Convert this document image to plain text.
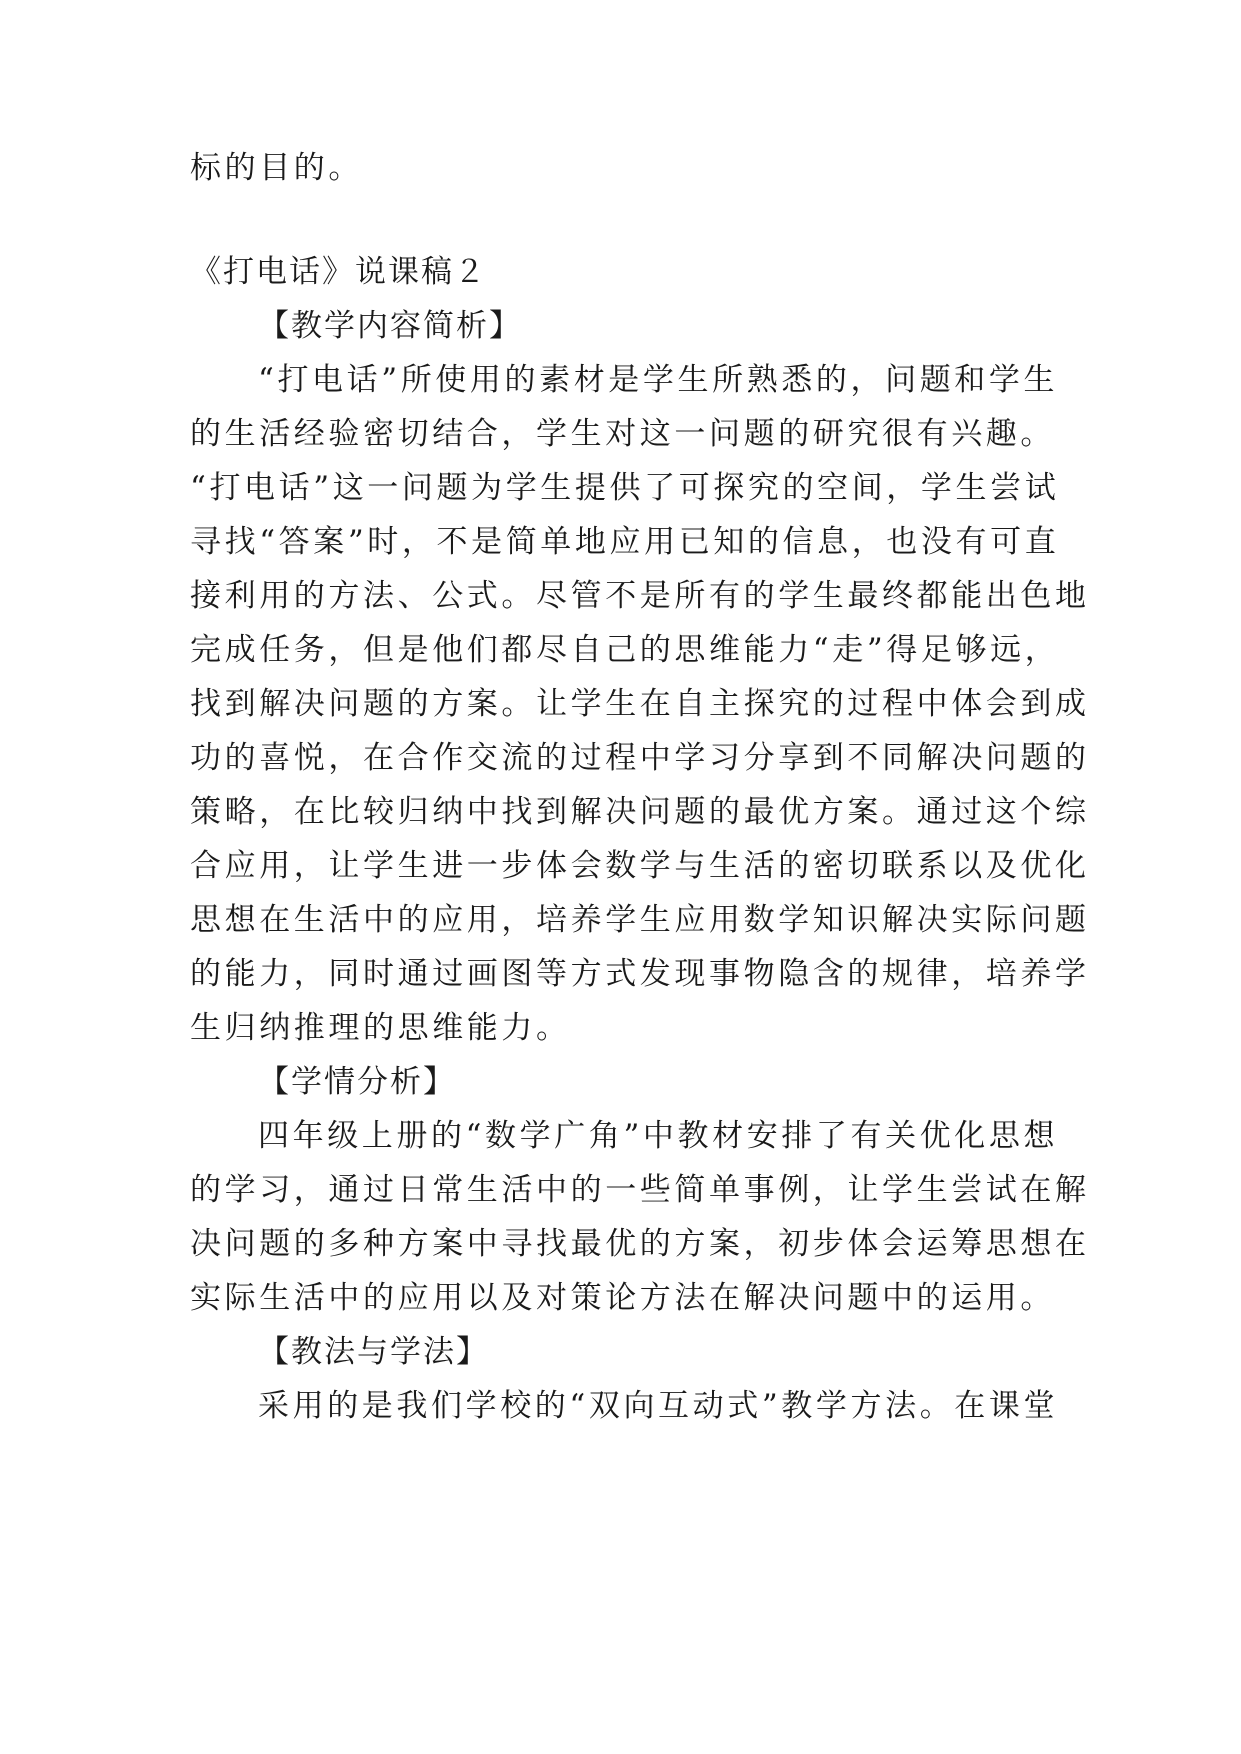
标的目的。
《打电话》说课稿２
【教学内容简析】
“打电话”所使用的素材是学生所熟悉的，问题和学生
的生活经验密切结合，学生对这一问题的研究很有兴趣。
“打电话”这一问题为学生提供了可探究的空间，学生尝试
寻找“答案”时，不是简单地应用已知的信息，也没有可直
接利用的方法、公式。尽管不是所有的学生最终都能出色地
完成任务，但是他们都尽自己的思维能力“走”得足够远，
找到解决问题的方案。让学生在自主探究的过程中体会到成
功的喜悦，在合作交流的过程中学习分享到不同解决问题的
策略，在比较归纳中找到解决问题的最优方案。通过这个综
合应用，让学生进一步体会数学与生活的密切联系以及优化
思想在生活中的应用，培养学生应用数学知识解决实际问题
的能力，同时通过画图等方式发现事物隐含的规律，培养学
生归纳推理的思维能力。
【学情分析】
四年级上册的“数学广角”中教材安排了有关优化思想
的学习，通过日常生活中的一些简单事例，让学生尝试在解
决问题的多种方案中寻找最优的方案，初步体会运筹思想在
实际生活中的应用以及对策论方法在解决问题中的运用。
【教法与学法】
采用的是我们学校的“双向互动式”教学方法。在课堂
